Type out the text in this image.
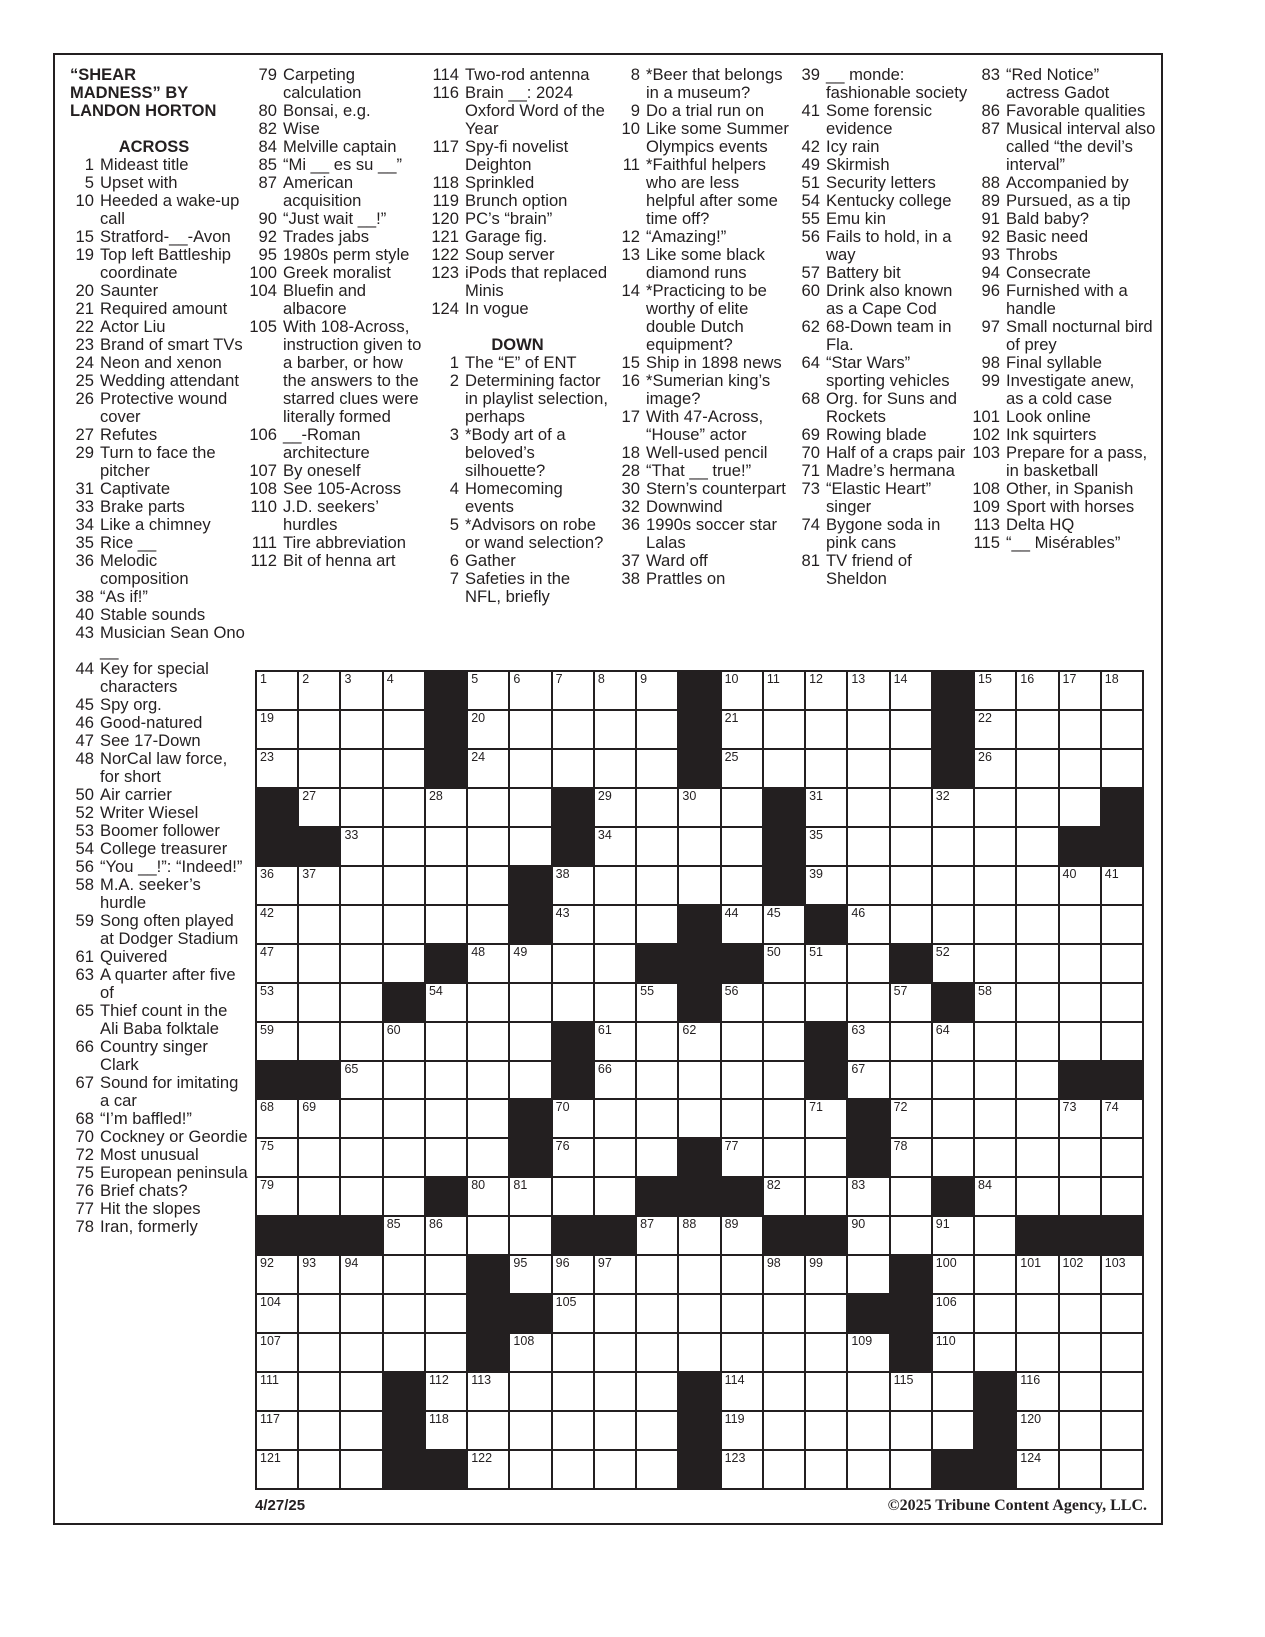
“SHEAR
MADNESS” BY
LANDON HORTON
ACROSS
1 Mideast title
5 Upset with
10 Heeded a wake-up call
15 Stratford-__-Avon
19 Top left Battleship coordinate
20 Saunter
21 Required amount
22 Actor Liu
23 Brand of smart TVs
24 Neon and xenon
25 Wedding attendant
26 Protective wound cover
27 Refutes
29 Turn to face the pitcher
31 Captivate
33 Brake parts
34 Like a chimney
35 Rice __
36 Melodic composition
38 “As if!”
40 Stable sounds
43 Musician Sean Ono __
44 Key for special characters
45 Spy org.
46 Good-natured
47 See 17-Down
48 NorCal law force, for short
50 Air carrier
52 Writer Wiesel
53 Boomer follower
54 College treasurer
56 “You __!”: “Indeed!”
58 M.A. seeker’s hurdle
59 Song often played at Dodger Stadium
61 Quivered
63 A quarter after five of
65 Thief count in the Ali Baba folktale
66 Country singer Clark
67 Sound for imitating a car
68 “I’m baffled!”
70 Cockney or Geordie
72 Most unusual
75 European peninsula
76 Brief chats?
77 Hit the slopes
78 Iran, formerly
79 Carpeting calculation
80 Bonsai, e.g.
82 Wise
84 Melville captain
85 “Mi __ es su __”
87 American acquisition
90 “Just wait __!”
92 Trades jabs
95 1980s perm style
100 Greek moralist
104 Bluefin and albacore
105 With 108-Across, instruction given to a barber, or how the answers to the starred clues were literally formed
106 __-Roman architecture
107 By oneself
108 See 105-Across
110 J.D. seekers’ hurdles
111 Tire abbreviation
112 Bit of henna art
114 Two-rod antenna
116 Brain __: 2024 Oxford Word of the Year
117 Spy-fi novelist Deighton
118 Sprinkled
119 Brunch option
120 PC’s “brain”
121 Garage fig.
122 Soup server
123 iPods that replaced Minis
124 In vogue
DOWN
1 The “E” of ENT
2 Determining factor in playlist selection, perhaps
3 *Body art of a beloved’s silhouette?
4 Homecoming events
5 *Advisors on robe or wand selection?
6 Gather
7 Safeties in the NFL, briefly
8 *Beer that belongs in a museum?
9 Do a trial run on
10 Like some Summer Olympics events
11 *Faithful helpers who are less helpful after some time off?
12 “Amazing!”
13 Like some black diamond runs
14 *Practicing to be worthy of elite double Dutch equipment?
15 Ship in 1898 news
16 *Sumerian king’s image?
17 With 47-Across, “House” actor
18 Well-used pencil
28 “That __ true!”
30 Stern’s counterpart
32 Downwind
36 1990s soccer star Lalas
37 Ward off
38 Prattles on
39 __ monde: fashionable society
41 Some forensic evidence
42 Icy rain
49 Skirmish
51 Security letters
54 Kentucky college
55 Emu kin
56 Fails to hold, in a way
57 Battery bit
60 Drink also known as a Cape Cod
62 68-Down team in Fla.
64 “Star Wars” sporting vehicles
68 Org. for Suns and Rockets
69 Rowing blade
70 Half of a craps pair
71 Madre’s hermana
73 “Elastic Heart” singer
74 Bygone soda in pink cans
81 TV friend of Sheldon
83 “Red Notice” actress Gadot
86 Favorable qualities
87 Musical interval also called “the devil’s interval”
88 Accompanied by
89 Pursued, as a tip
91 Bald baby?
92 Basic need
93 Throbs
94 Consecrate
96 Furnished with a handle
97 Small nocturnal bird of prey
98 Final syllable
99 Investigate anew, as a cold case
101 Look online
102 Ink squirters
103 Prepare for a pass, in basketball
108 Other, in Spanish
109 Sport with horses
113 Delta HQ
115 “__ Misérables”
1	2	3	4	5	6	7	8	9	10 11 12 13 14	15 16 17 18
19	20	21	22
23	24	25	26
27	28	29	30	31	32
33	34	35
36 37	38	39	40 41
42	43	44 45	46
47	48 49	50 51	52
53	54	55	56	57	58
59	60	61	62	63	64
65	66	67
68 69	70	71	72	73 74
75	76	77	78
79	80 81	82	83	84
85 86	87 88 89	90	91
92 93 94	95 96 97	98 99	100	101 102 103
104	105	106
107	108	109	110
111	112 113	114	115	116
117	118	119	120
121	122	123	124
4/27/25	©2025 Tribune Content Agency, LLC.
